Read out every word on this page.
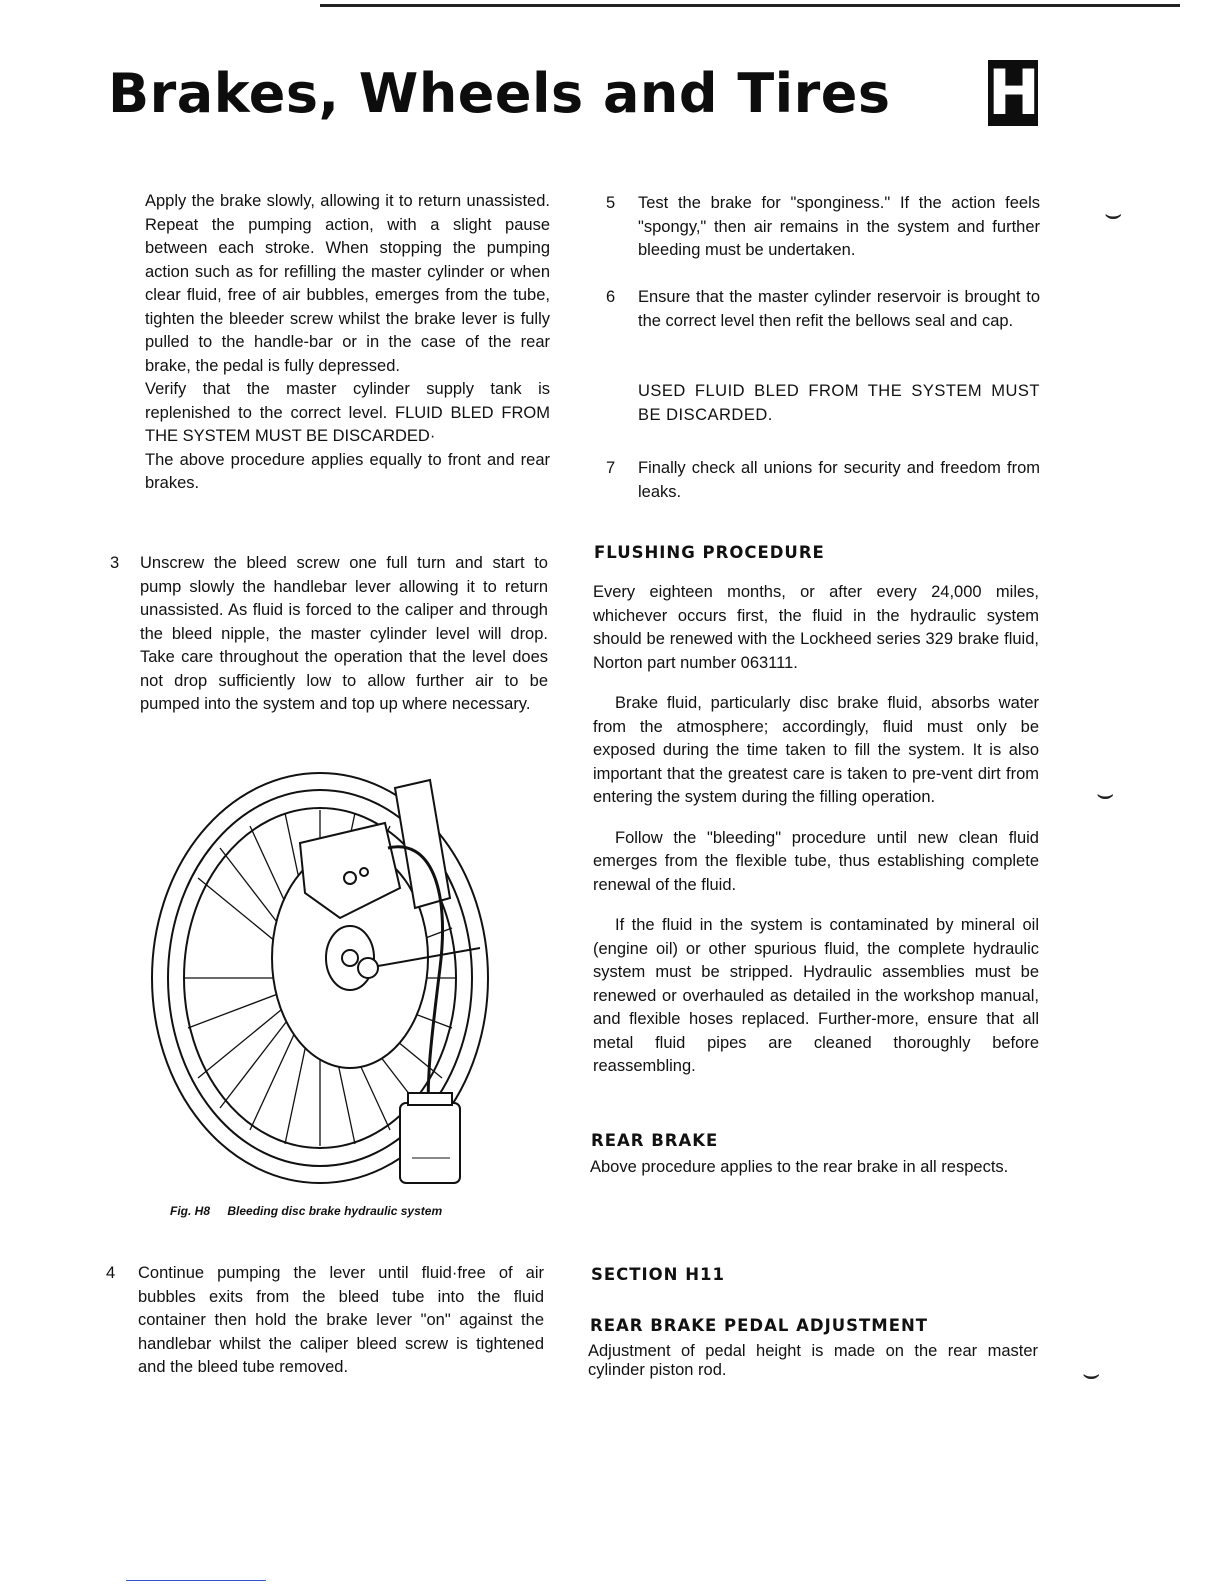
Brakes, Wheels and Tires H

Apply the brake slowly, allowing it to return unassisted. Repeat the pumping action, with a slight pause between each stroke. When stopping the pumping action such as for refilling the master cylinder or when clear fluid, free of air bubbles, emerges from the tube, tighten the bleeder screw whilst the brake lever is fully pulled to the handle-bar or in the case of the rear brake, the pedal is fully depressed.

Verify that the master cylinder supply tank is replenished to the correct level. FLUID BLED FROM THE SYSTEM MUST BE DISCARDED·

The above procedure applies equally to front and rear brakes.

3 Unscrew the bleed screw one full turn and start to pump slowly the handlebar lever allowing it to return unassisted. As fluid is forced to the caliper and through the bleed nipple, the master cylinder level will drop. Take care throughout the operation that the level does not drop sufficiently low to allow further air to be pumped into the system and top up where necessary.

Fig. H8 Bleeding disc brake hydraulic system
4 Continue pumping the lever until fluid·free of air bubbles exits from the bleed tube into the fluid container then hold the brake lever "on" against the handlebar whilst the caliper bleed screw is tightened and the bleed tube removed.

5 Test the brake for "sponginess." If the action feels "spongy," then air remains in the system and further bleeding must be undertaken.

6 Ensure that the master cylinder reservoir is brought to the correct level then refit the bellows seal and cap.

USED FLUID BLED FROM THE SYSTEM MUST BE DISCARDED.

7 Finally check all unions for security and freedom from leaks.

FLUSHING PROCEDURE

Every eighteen months, or after every 24,000 miles, whichever occurs first, the fluid in the hydraulic system should be renewed with the Lockheed series 329 brake fluid, Norton part number 063111.

Brake fluid, particularly disc brake fluid, absorbs water from the atmosphere; accordingly, fluid must only be exposed during the time taken to fill the system. It is also important that the greatest care is taken to pre-vent dirt from entering the system during the filling operation.

Follow the "bleeding" procedure until new clean fluid emerges from the flexible tube, thus establishing complete renewal of the fluid.

If the fluid in the system is contaminated by mineral oil (engine oil) or other spurious fluid, the complete hydraulic system must be stripped. Hydraulic assemblies must be renewed or overhauled as detailed in the workshop manual, and flexible hoses replaced. Further-more, ensure that all metal fluid pipes are cleaned thoroughly before reassembling.

REAR BRAKE

Above procedure applies to the rear brake in all respects.

SECTION H11
REAR BRAKE PEDAL ADJUSTMENT

Adjustment of pedal height is made on the rear master cylinder piston rod.

⌣
⌣
⌣
